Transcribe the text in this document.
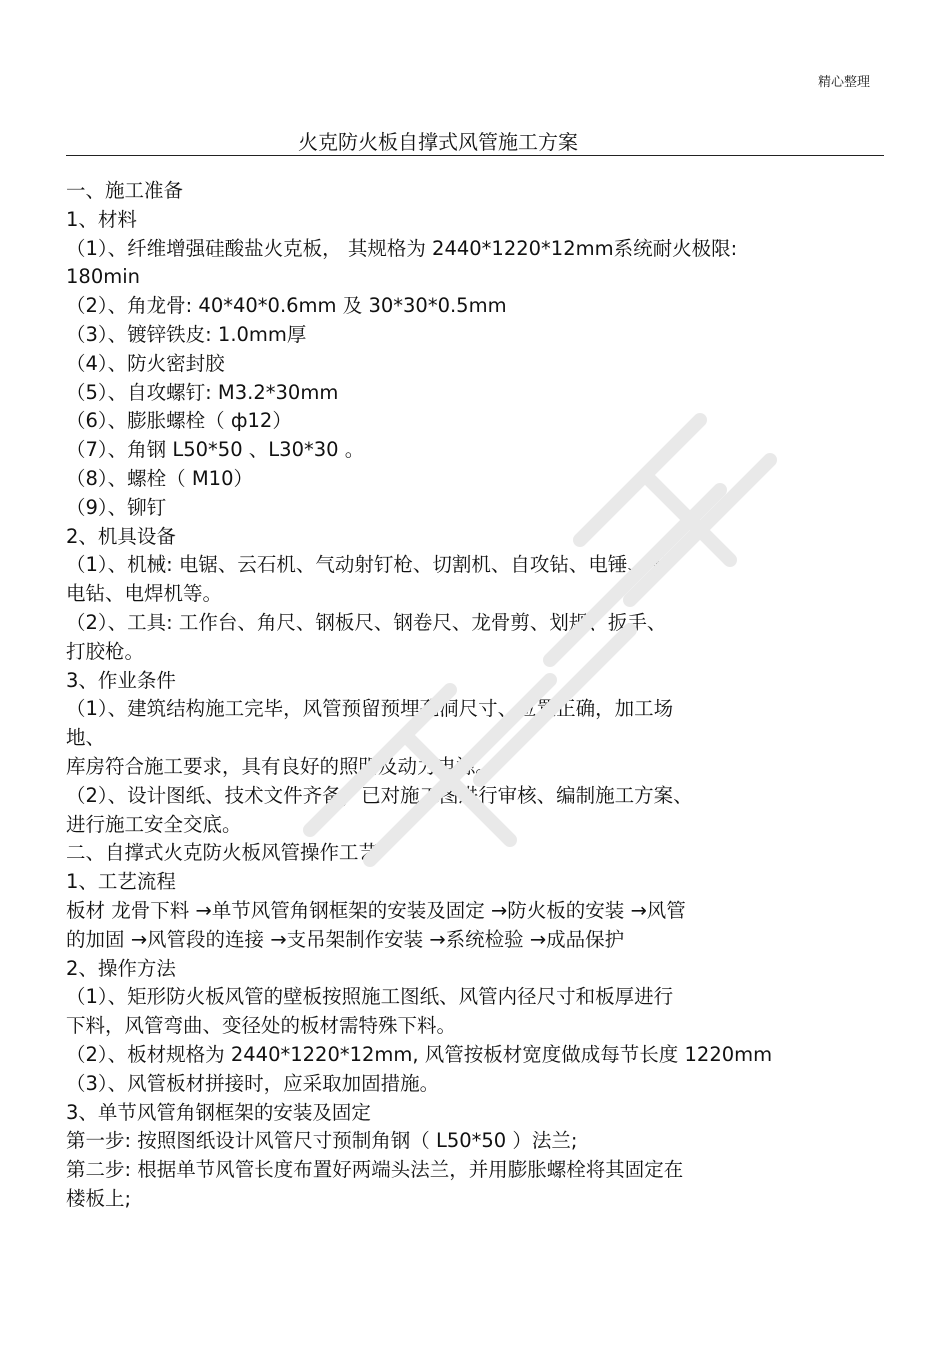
精心整理
火克防火板自撑式风管施工方案
一、施工准备
1、材料
（1）、纤维增强硅酸盐火克板， 其规格为 2440*1220*12mm系统耐火极限:
180min
（2）、角龙骨: 40*40*0.6mm 及 30*30*0.5mm
（3）、镀锌铁皮: 1.0mm厚
（4）、防火密封胶
（5）、自攻螺钉: M3.2*30mm
（6）、膨胀螺栓（ ф12）
（7）、角钢 L50*50 、L30*30 。
（8）、螺栓（ M10）
（9）、铆钉
2、机具设备
（1）、机械: 电锯、云石机、气动射钉枪、切割机、自攻钻、电锤、手
电钻、电焊机等。
（2）、工具: 工作台、角尺、钢板尺、钢卷尺、龙骨剪、划规、扳手、
打胶枪。
3、作业条件
（1）、建筑结构施工完毕，风管预留预埋孔洞尺寸、位置正确，加工场
地、
库房符合施工要求，具有良好的照明及动力电源。
（2）、设计图纸、技术文件齐备，已对施工图进行审核、编制施工方案、
进行施工安全交底。
二、自撑式火克防火板风管操作工艺
1、工艺流程
板材 龙骨下料 →单节风管角钢框架的安装及固定 →防火板的安装 →风管
的加固 →风管段的连接 →支吊架制作安装 →系统检验 →成品保护
2、操作方法
（1）、矩形防火板风管的壁板按照施工图纸、风管内径尺寸和板厚进行
下料，风管弯曲、变径处的板材需特殊下料。
（2）、板材规格为 2440*1220*12mm, 风管按板材宽度做成每节长度 1220mm
（3）、风管板材拼接时，应采取加固措施。
3、单节风管角钢框架的安装及固定
第一步: 按照图纸设计风管尺寸预制角钢（ L50*50 ）法兰;
第二步: 根据单节风管长度布置好两端头法兰，并用膨胀螺栓将其固定在
楼板上;
